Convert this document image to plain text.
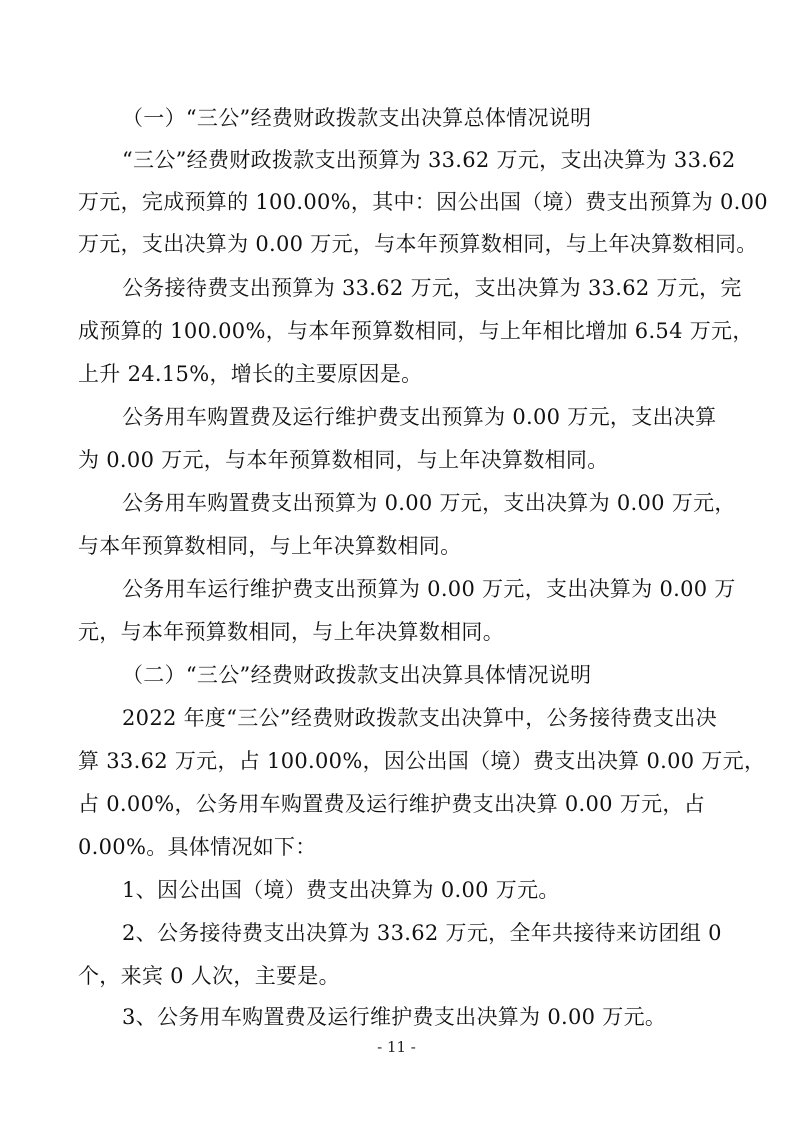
（一）“三公”经费财政拨款支出决算总体情况说明
“三公”经费财政拨款支出预算为 33.62 万元，支出决算为 33.62
万元，完成预算的 100.00%，其中：因公出国（境）费支出预算为 0.00
万元，支出决算为 0.00 万元，与本年预算数相同，与上年决算数相同。
公务接待费支出预算为 33.62 万元，支出决算为 33.62 万元，完
成预算的 100.00%，与本年预算数相同，与上年相比增加 6.54 万元，
上升 24.15%，增长的主要原因是。
公务用车购置费及运行维护费支出预算为 0.00 万元，支出决算
为 0.00 万元，与本年预算数相同，与上年决算数相同。
公务用车购置费支出预算为 0.00 万元，支出决算为 0.00 万元，
与本年预算数相同，与上年决算数相同。
公务用车运行维护费支出预算为 0.00 万元，支出决算为 0.00 万
元，与本年预算数相同，与上年决算数相同。
（二）“三公”经费财政拨款支出决算具体情况说明
2022 年度“三公”经费财政拨款支出决算中，公务接待费支出决
算 33.62 万元，占 100.00%，因公出国（境）费支出决算 0.00 万元，
占 0.00%，公务用车购置费及运行维护费支出决算 0.00 万元，占
0.00%。具体情况如下：
1、因公出国（境）费支出决算为 0.00 万元。
2、公务接待费支出决算为 33.62 万元，全年共接待来访团组 0
个，来宾 0 人次，主要是。
3、公务用车购置费及运行维护费支出决算为 0.00 万元。
- 11 -
